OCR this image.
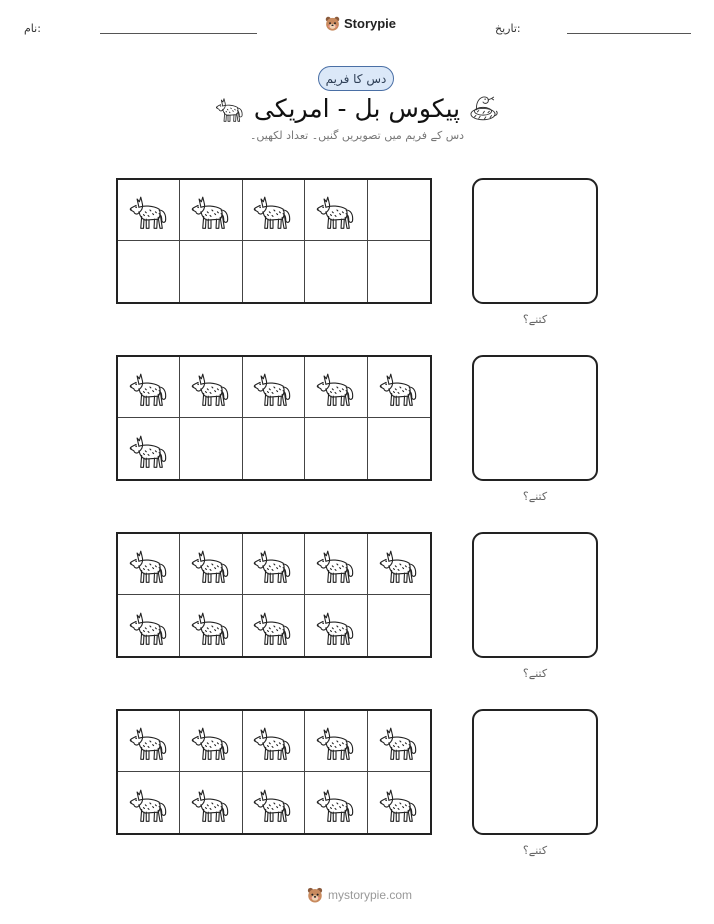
نام:	Storypie	تاریخ:
دس کا فریم
پیکوس بل - امریکی
دس کے فریم میں تصویریں گنیں۔ تعداد لکھیں۔
کتنے؟
کتنے؟
کتنے؟
کتنے؟
mystorypie.com
